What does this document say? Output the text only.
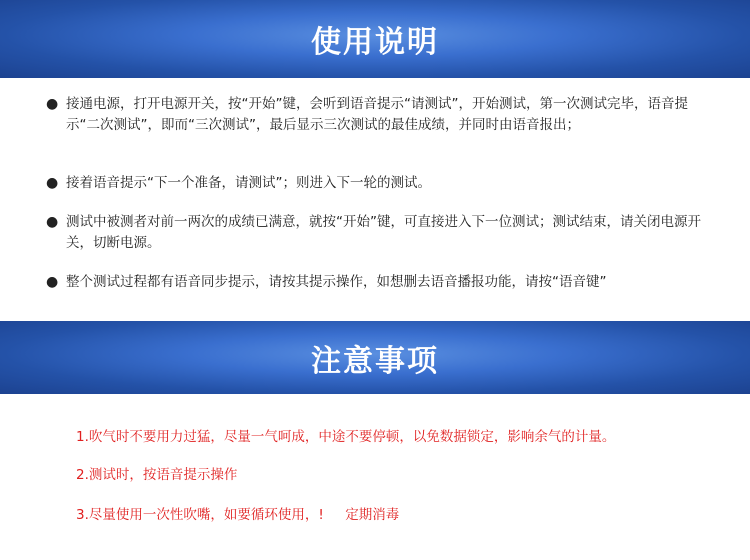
使用说明
● 接通电源，打开电源开关，按“开始”键，会听到语音提示“请测试”，开始测试，第一次测试完毕，语音提示“二次测试”，即而“三次测试”，最后显示三次测试的最佳成绩，并同时由语音报出；
● 接着语音提示“下一个准备，请测试”；则进入下一轮的测试。
● 测试中被测者对前一两次的成绩已满意，就按“开始”键，可直接进入下一位测试；测试结束，请关闭电源开关，切断电源。
● 整个测试过程都有语音同步提示，请按其提示操作，如想删去语音播报功能，请按“语音键”
注意事项
1.吹气时不要用力过猛，尽量一气呵成，中途不要停顿，以免数据锁定，影响余气的计量。
2.测试时，按语音提示操作
3.尽量使用一次性吹嘴，如要循环使用，!     定期消毒
